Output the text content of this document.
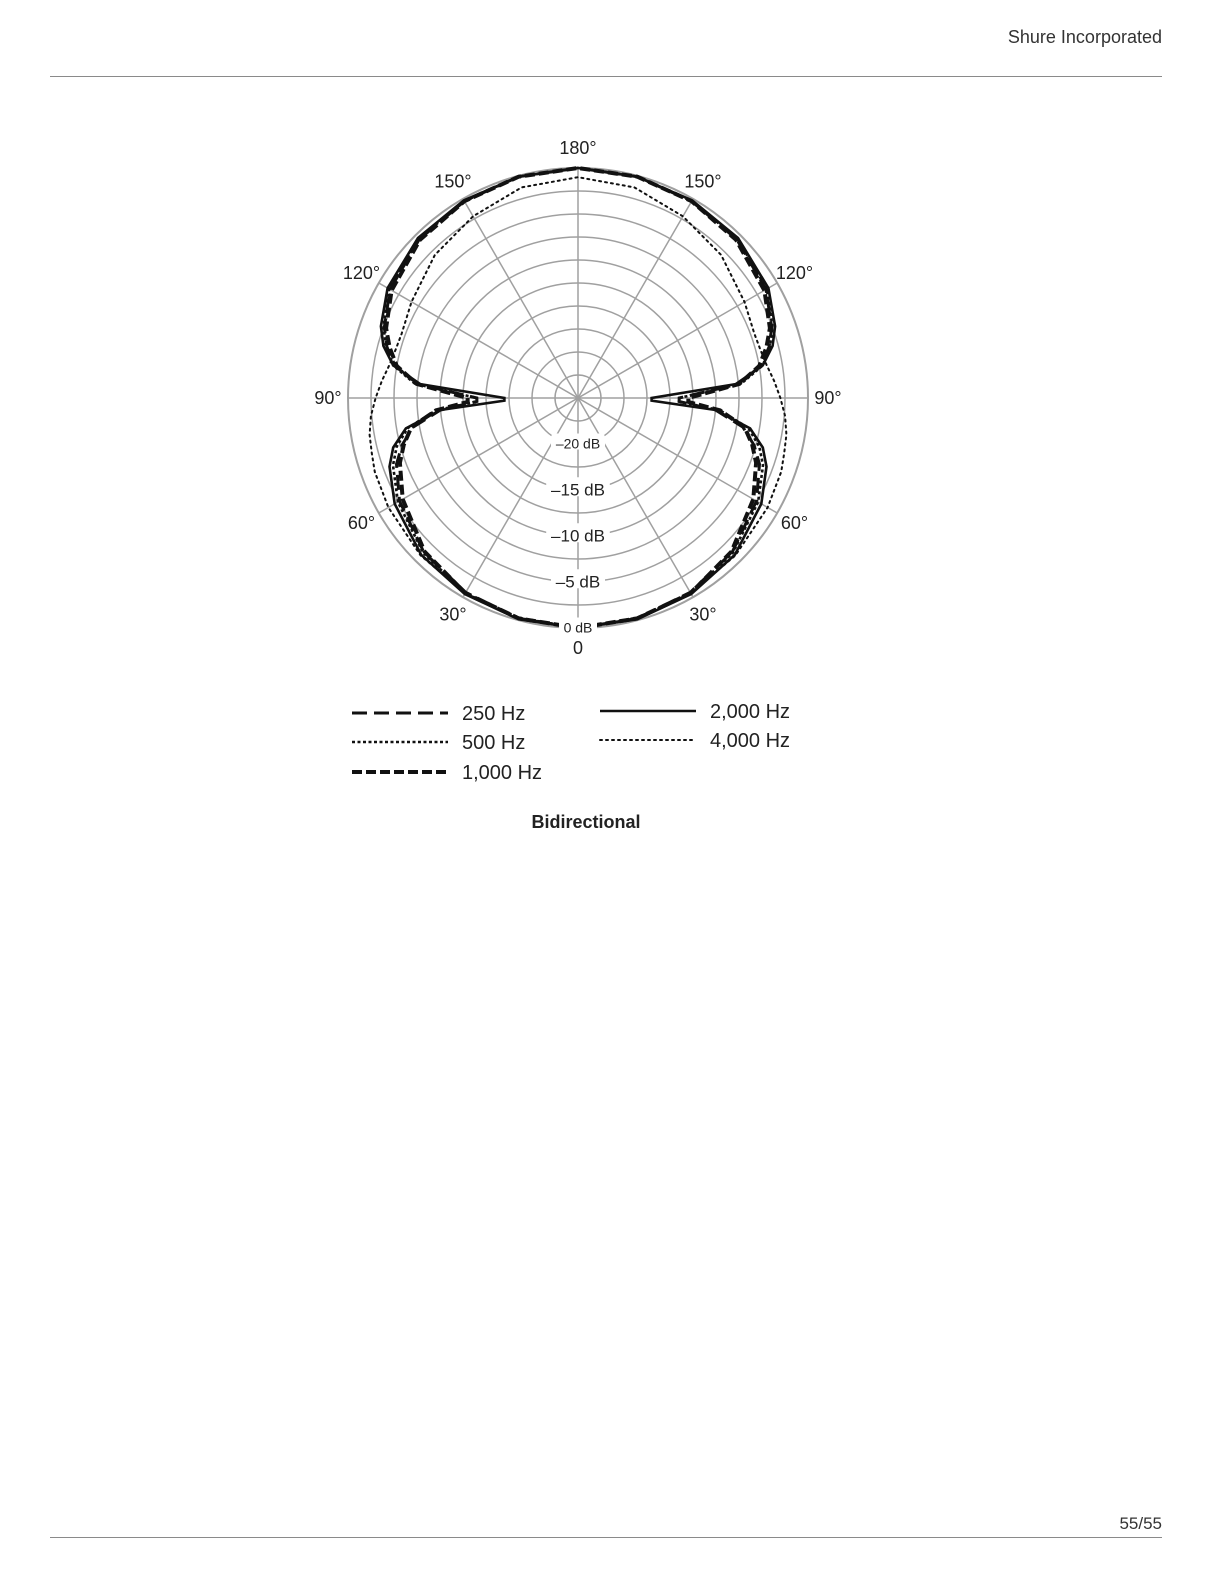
Shure Incorporated
0
30°
30°
60°
60°
90°
90°
120°
120°
150°
150°
180°
0 dB
–5 dB
–10 dB
–15 dB
–20 dB
250 Hz
500 Hz
1,000 Hz
2,000 Hz
4,000 Hz
Bidirectional
55/55
